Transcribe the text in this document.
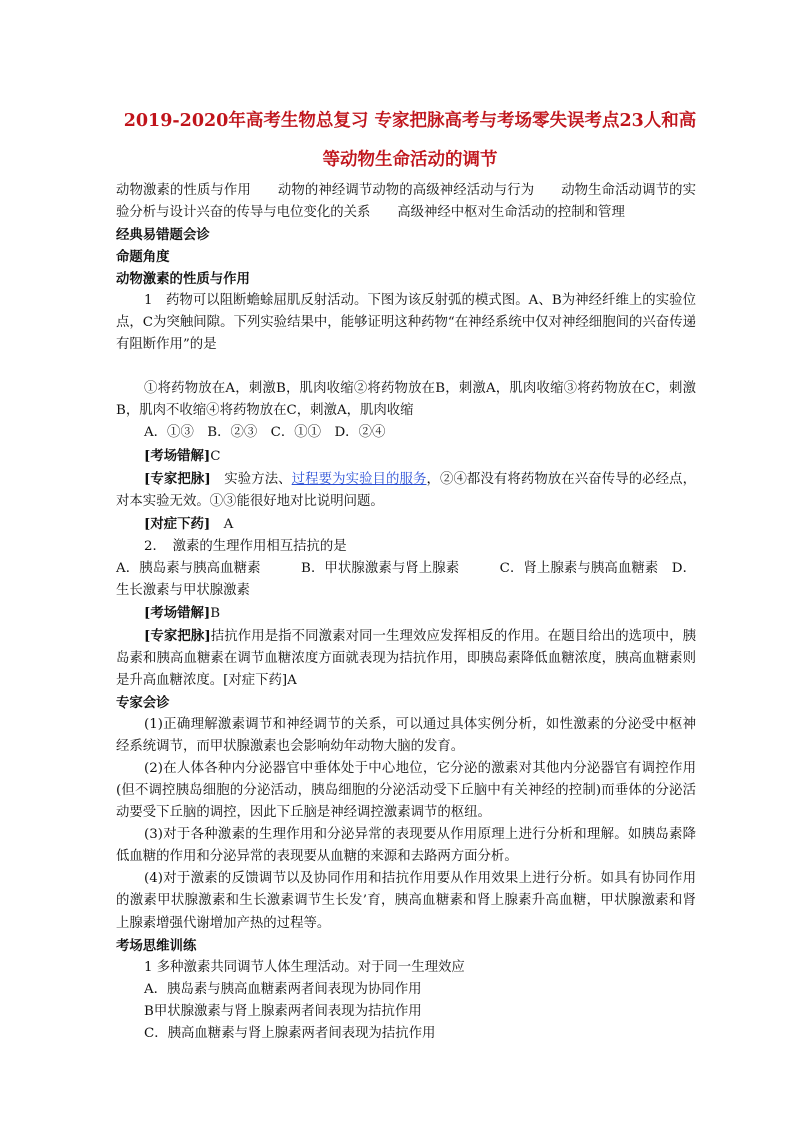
2019-2020年高考生物总复习 专家把脉高考与考场零失误考点23人和高
等动物生命活动的调节

动物激素的性质与作用　　动物的神经调节动物的高级神经活动与行为　　动物生命活动调节的实验分析与设计兴奋的传导与电位变化的关系　　高级神经中枢对生命活动的控制和管理

经典易错题会诊

命题角度

动物激素的性质与作用

1　药物可以阻断蟾蜍屈肌反射活动。下图为该反射弧的模式图。A、B为神经纤维上的实验位点，C为突触间隙。下列实验结果中，能够证明这种药物“在神经系统中仅对神经细胞间的兴奋传递有阻断作用”的是

①将药物放在A，刺激B，肌肉收缩②将药物放在B，刺激A，肌肉收缩③将药物放在C，刺激B，肌肉不收缩④将药物放在C，刺激A，肌肉收缩

A．①③　B．②③　C．①①　D．②④

[考场错解]C

[专家把脉]　实验方法、过程要为实验目的服务，②④都没有将药物放在兴奋传导的必经点，对本实验无效。①③能很好地对比说明问题。

[对症下药]　A

2．　激素的生理作用相互拮抗的是

A．胰岛素与胰高血糖素　　　B．甲状腺激素与肾上腺素　　　C．肾上腺素与胰高血糖素　D．生长激素与甲状腺激素

[考场错解]B

[专家把脉]拮抗作用是指不同激素对同一生理效应发挥相反的作用。在题目给出的选项中，胰岛素和胰高血糖素在调节血糖浓度方面就表现为拮抗作用，即胰岛素降低血糖浓度，胰高血糖素则是升高血糖浓度。[对症下药]A

专家会诊

(1)正确理解激素调节和神经调节的关系，可以通过具体实例分析，如性激素的分泌受中枢神经系统调节，而甲状腺激素也会影响幼年动物大脑的发育。

(2)在人体各种内分泌器官中垂体处于中心地位，它分泌的激素对其他内分泌器官有调控作用(但不调控胰岛细胞的分泌活动，胰岛细胞的分泌活动受下丘脑中有关神经的控制)而垂体的分泌活动要受下丘脑的调控，因此下丘脑是神经调控激素调节的枢纽。

(3)对于各种激素的生理作用和分泌异常的表现要从作用原理上进行分析和理解。如胰岛素降低血糖的作用和分泌异常的表现要从血糖的来源和去路两方面分析。

(4)对于激素的反馈调节以及协同作用和拮抗作用要从作用效果上进行分析。如具有协同作用的激素甲状腺激素和生长激素调节生长发’育，胰高血糖素和肾上腺素升高血糖，甲状腺激素和肾上腺素增强代谢增加产热的过程等。

考场思维训练

1 多种激素共同调节人体生理活动。对于同一生理效应

A．胰岛素与胰高血糖素两者间表现为协同作用

B甲状腺激素与肾上腺素两者间表现为拮抗作用

C．胰高血糖素与肾上腺素两者间表现为拮抗作用
